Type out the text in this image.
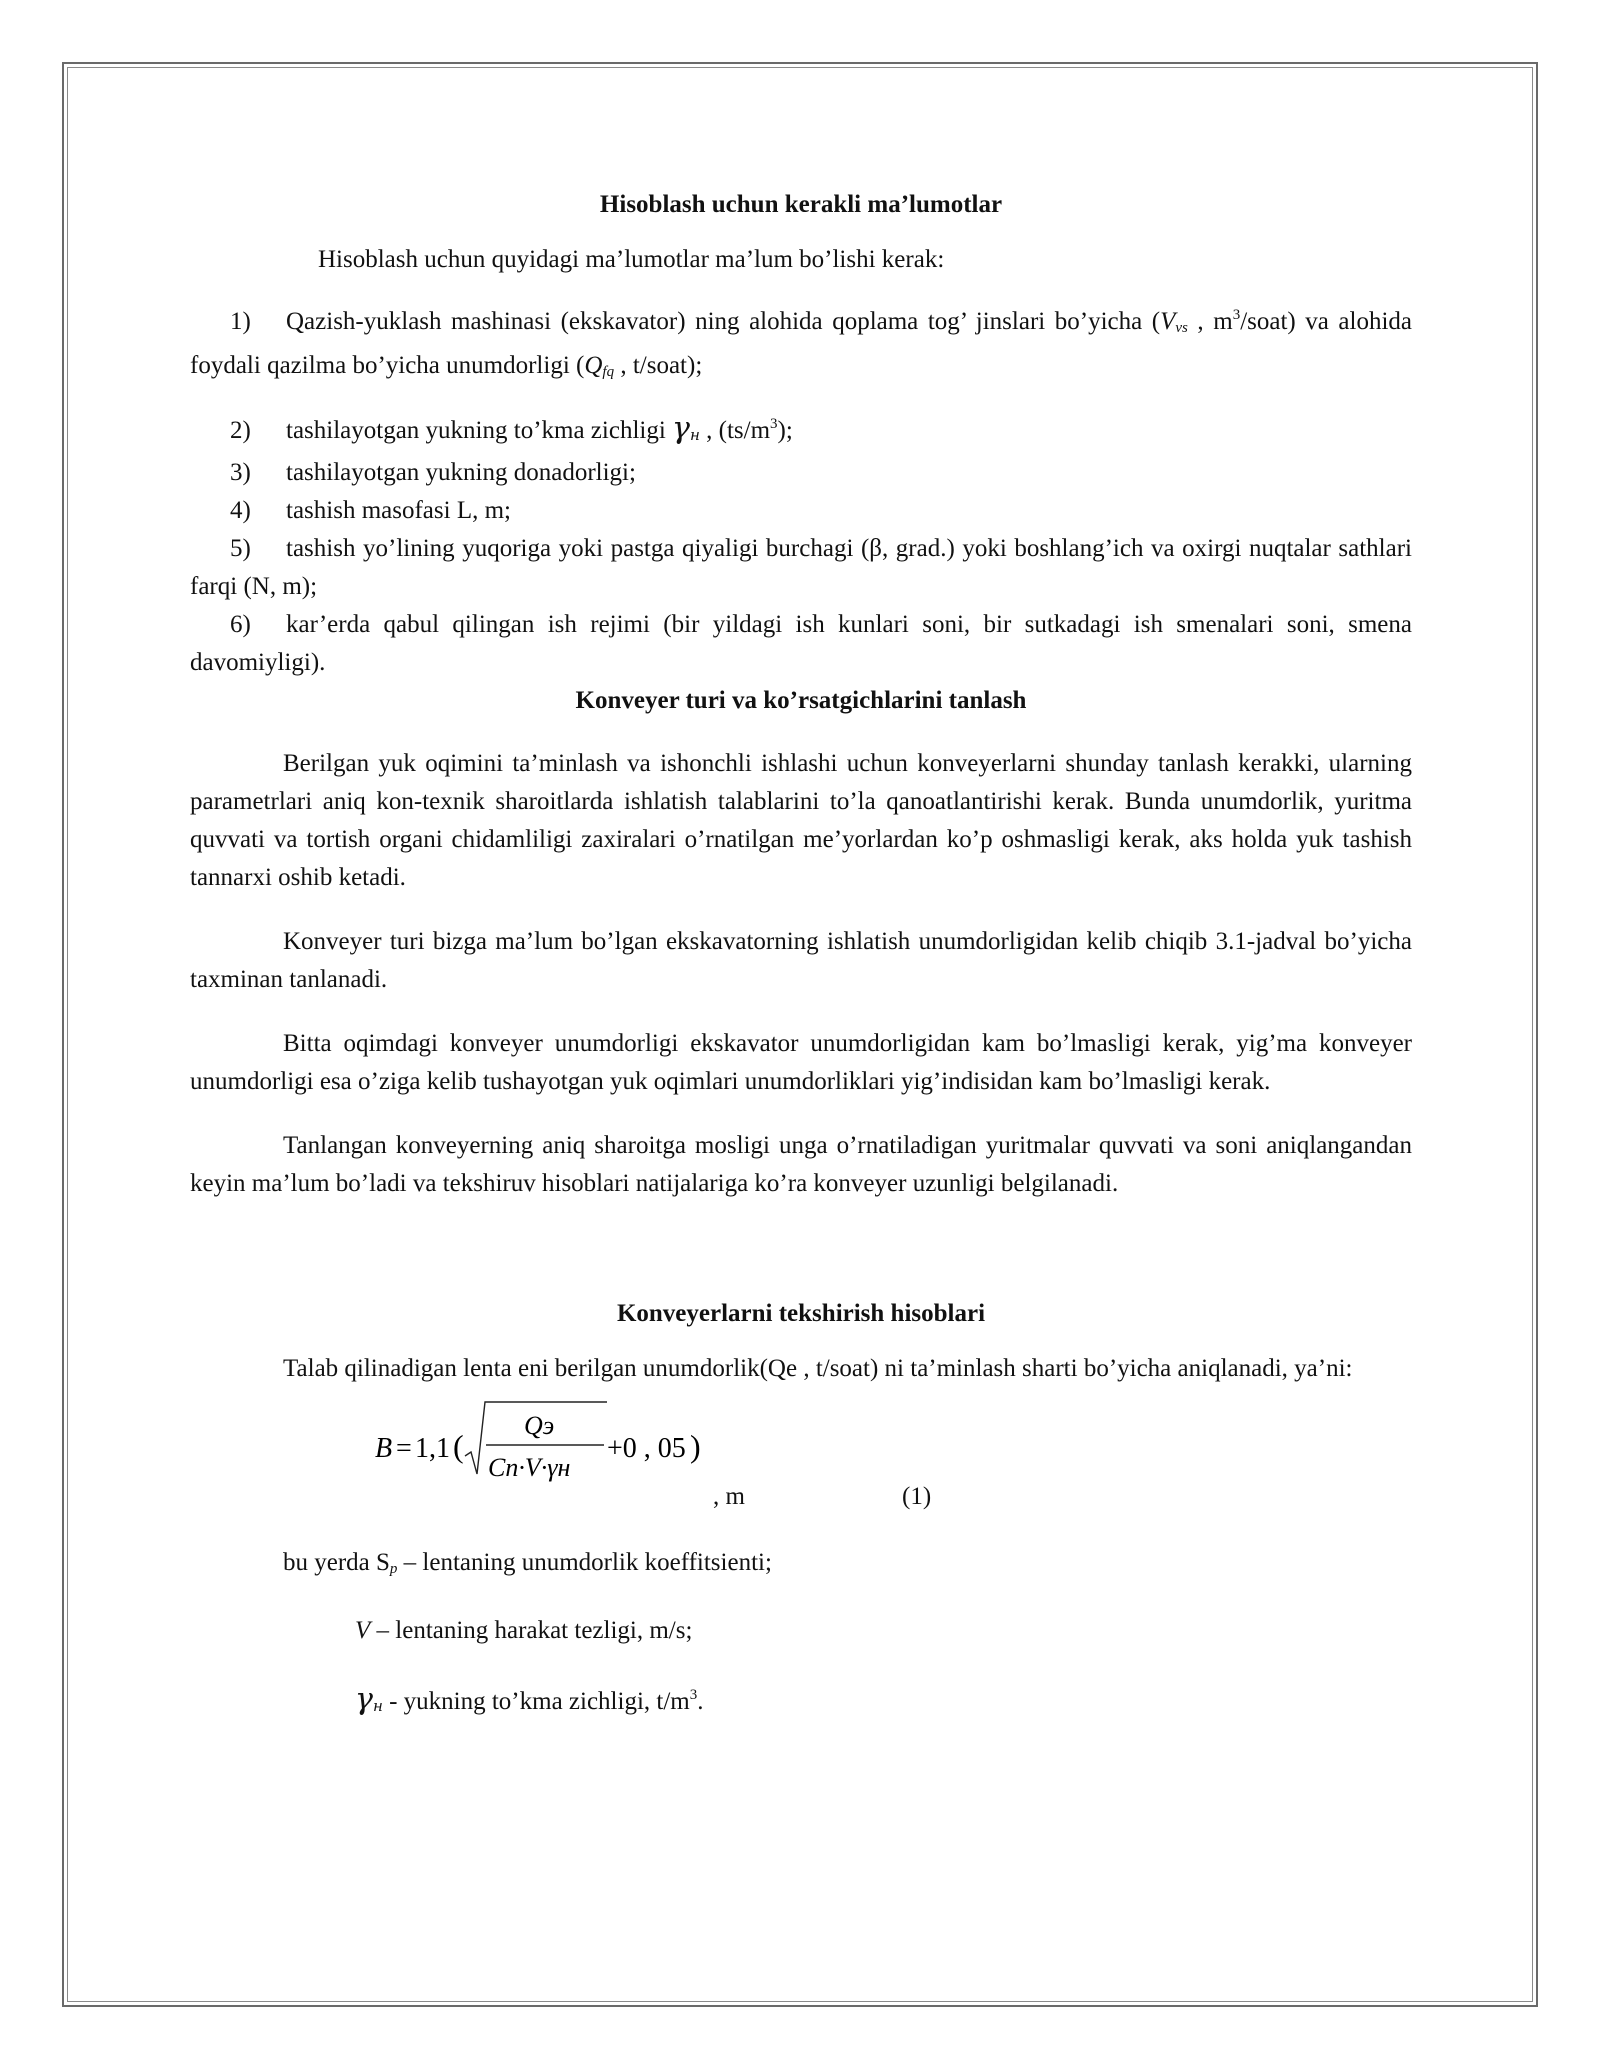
Hisoblash uchun kerakli ma’lumotlar

Hisoblash uchun quyidagi ma’lumotlar ma’lum bo’lishi kerak:

1) Qazish-yuklash mashinasi (ekskavator) ning alohida qoplama tog’ jinslari bo’yicha ($V_{vs}$ , $m^3/soat$) va alohida foydali qazilma bo’yicha unumdorligi ($Q_{fq}$ , t/soat);

2) tashilayotgan yukning to’kma zichligi γн , $(ts/m^3)$;

3) tashilayotgan yukning donadorligi;

4) tashish masofasi L, m;

5) tashish yo’lining yuqoriga yoki pastga qiyaligi burchagi (β, grad.) yoki boshlang’ich va oxirgi nuqtalar sathlari farqi (N, m);

6) kar’erda qabul qilingan ish rejimi (bir yildagi ish kunlari soni, bir sutkadagi ish smenalari soni, smena davomiyligi).

Konveyer turi va ko’rsatgichlarini tanlash

Berilgan yuk oqimini ta’minlash va ishonchli ishlashi uchun konveyerlarni shunday tanlash kerakki, ularning parametrlari aniq kon-texnik sharoitlarda ishlatish talablarini to’la qanoatlantirishi kerak. Bunda unumdorlik, yuritma quvvati va tortish organi chidamliligi zaxiralari o’rnatilgan me’yorlardan ko’p oshmasligi kerak, aks holda yuk tashish tannarxi oshib ketadi.

Konveyer turi bizga ma’lum bo’lgan ekskavatorning ishlatish unumdorligidan kelib chiqib 3.1-jadval bo’yicha taxminan tanlanadi.

Bitta oqimdagi konveyer unumdorligi ekskavator unumdorligidan kam bo’lmasligi kerak, yig’ma konveyer unumdorligi esa o’ziga kelib tushayotgan yuk oqimlari unumdorliklari yig’indisidan kam bo’lmasligi kerak.

Tanlangan konveyerning aniq sharoitga mosligi unga o’rnatiladigan yuritmalar quvvati va soni aniqlangandan keyin ma’lum bo’ladi va tekshiruv hisoblari natijalariga ko’ra konveyer uzunligi belgilanadi.

Konveyerlarni tekshirish hisoblari

Talab qilinadigan lenta eni berilgan unumdorlik(Qe , t/soat) ni ta’minlash sharti bo’yicha aniqlanadi, ya’ni:

B = 1,1 (
Qэ
Cn·V·γн
+0 , 05 )
, m	(1)

bu yerda $S_p$ – lentaning unumdorlik koeffitsienti;

V – lentaning harakat tezligi, m/s;

γн - yukning to’kma zichligi, $t/m^3$.
